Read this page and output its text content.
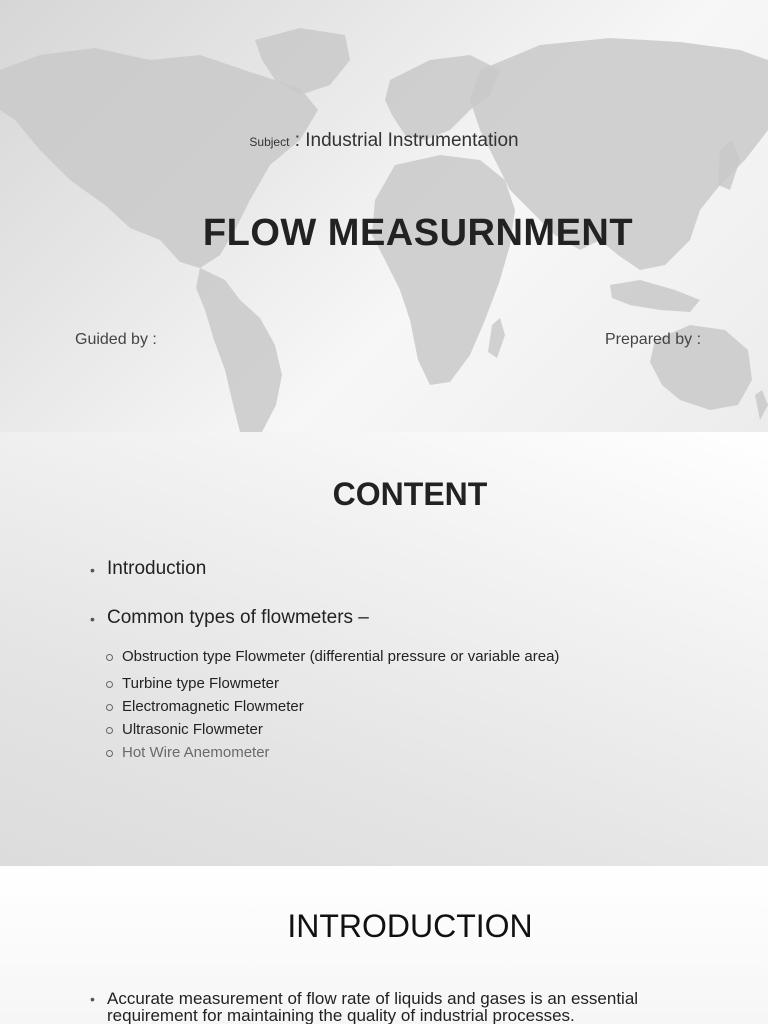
Subject : Industrial Instrumentation
FLOW MEASURNMENT
Guided by :	Prepared by :
CONTENT
• Introduction
• Common types of flowmeters –
Obstruction type Flowmeter (differential pressure or variable area)
Turbine type Flowmeter
Electromagnetic Flowmeter
Ultrasonic Flowmeter
Hot Wire Anemometer
INTRODUCTION
• Accurate measurement of flow rate of liquids and gases is an essential requirement for maintaining the quality of industrial processes.
